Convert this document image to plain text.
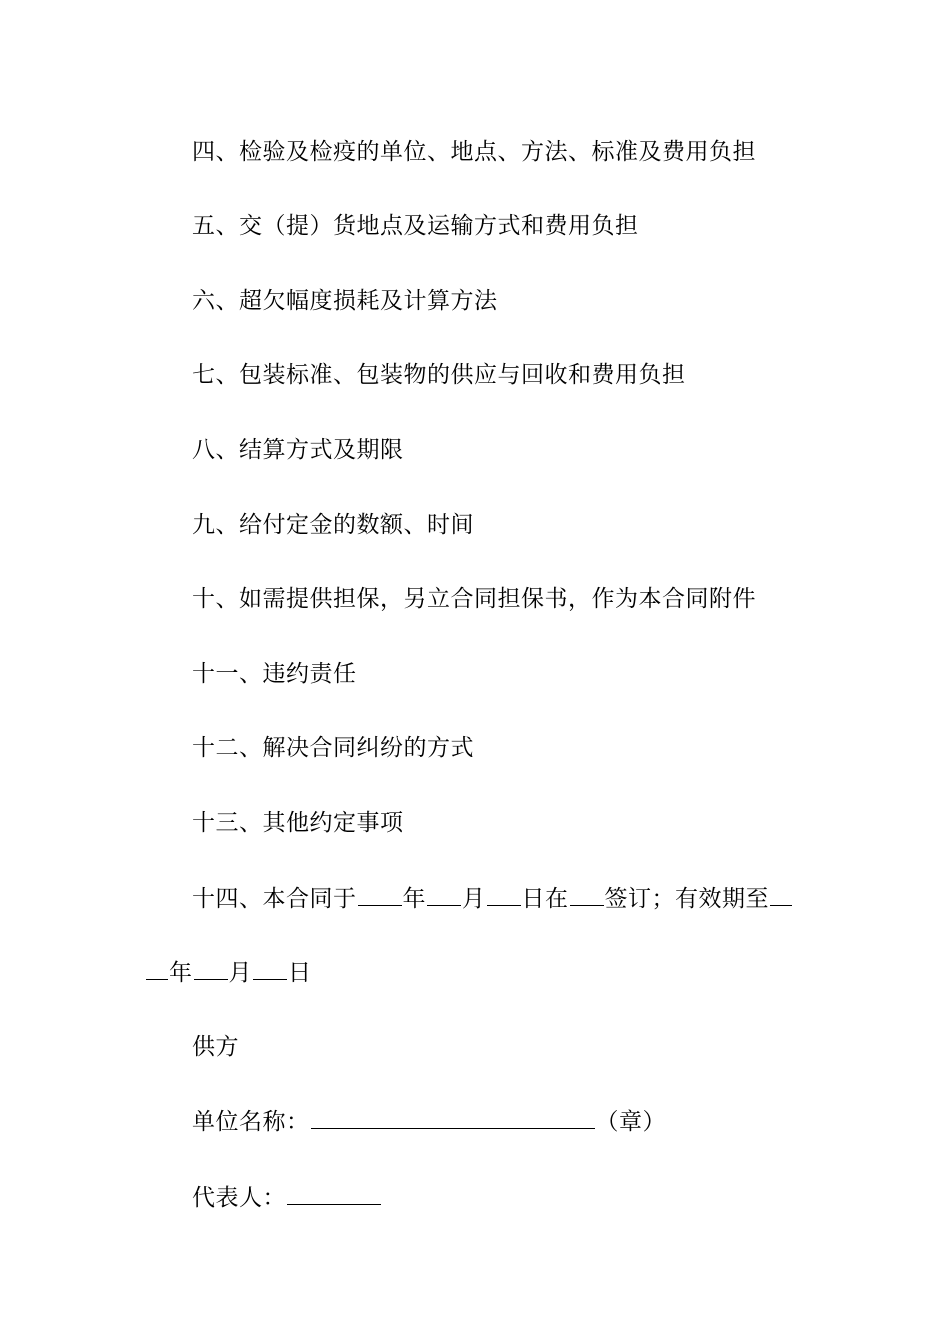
四、检验及检疫的单位、地点、方法、标准及费用负担
五、交（提）货地点及运输方式和费用负担
六、超欠幅度损耗及计算方法
七、包装标准、包装物的供应与回收和费用负担
八、结算方式及期限
九、给付定金的数额、时间
十、如需提供担保，另立合同担保书，作为本合同附件
十一、违约责任
十二、解决合同纠纷的方式
十三、其他约定事项
十四、本合同于 年 月 日在 签订；有效期至
年 月 日
供方
单位名称：	（章）
代表人：
